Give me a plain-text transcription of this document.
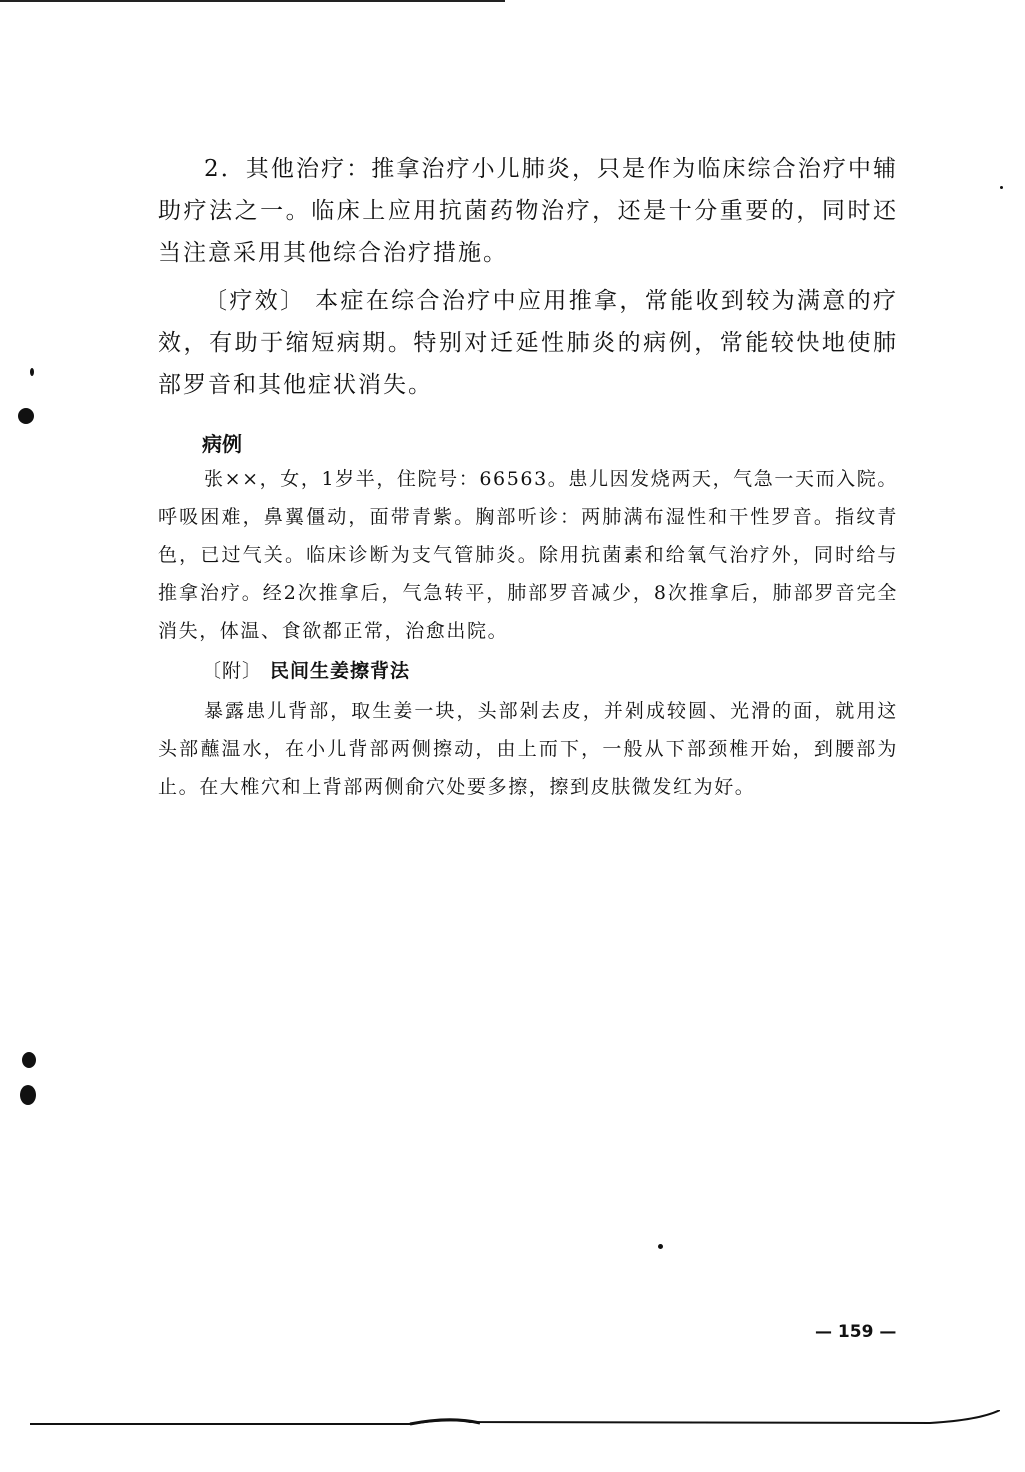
2．其他治疗：推拿治疗小儿肺炎，只是作为临床综合治疗中辅助疗法之一。临床上应用抗菌药物治疗，还是十分重要的，同时还当注意采用其他综合治疗措施。

〔疗效〕 本症在综合治疗中应用推拿，常能收到较为满意的疗效，有助于缩短病期。特别对迁延性肺炎的病例，常能较快地使肺部罗音和其他症状消失。

病例

张××，女，1岁半，住院号：66563。患儿因发烧两天，气急一天而入院。呼吸困难，鼻翼僵动，面带青紫。胸部听诊：两肺满布湿性和干性罗音。指纹青色，已过气关。临床诊断为支气管肺炎。除用抗菌素和给氧气治疗外，同时给与推拿治疗。经2次推拿后，气急转平，肺部罗音减少，8次推拿后，肺部罗音完全消失，体温、食欲都正常，治愈出院。

〔附〕 民间生姜擦背法

暴露患儿背部，取生姜一块，头部剁去皮，并剁成较圆、光滑的面，就用这头部蘸温水，在小儿背部两侧擦动，由上而下，一般从下部颈椎开始，到腰部为止。在大椎穴和上背部两侧俞穴处要多擦，擦到皮肤微发红为好。

— 159 —
